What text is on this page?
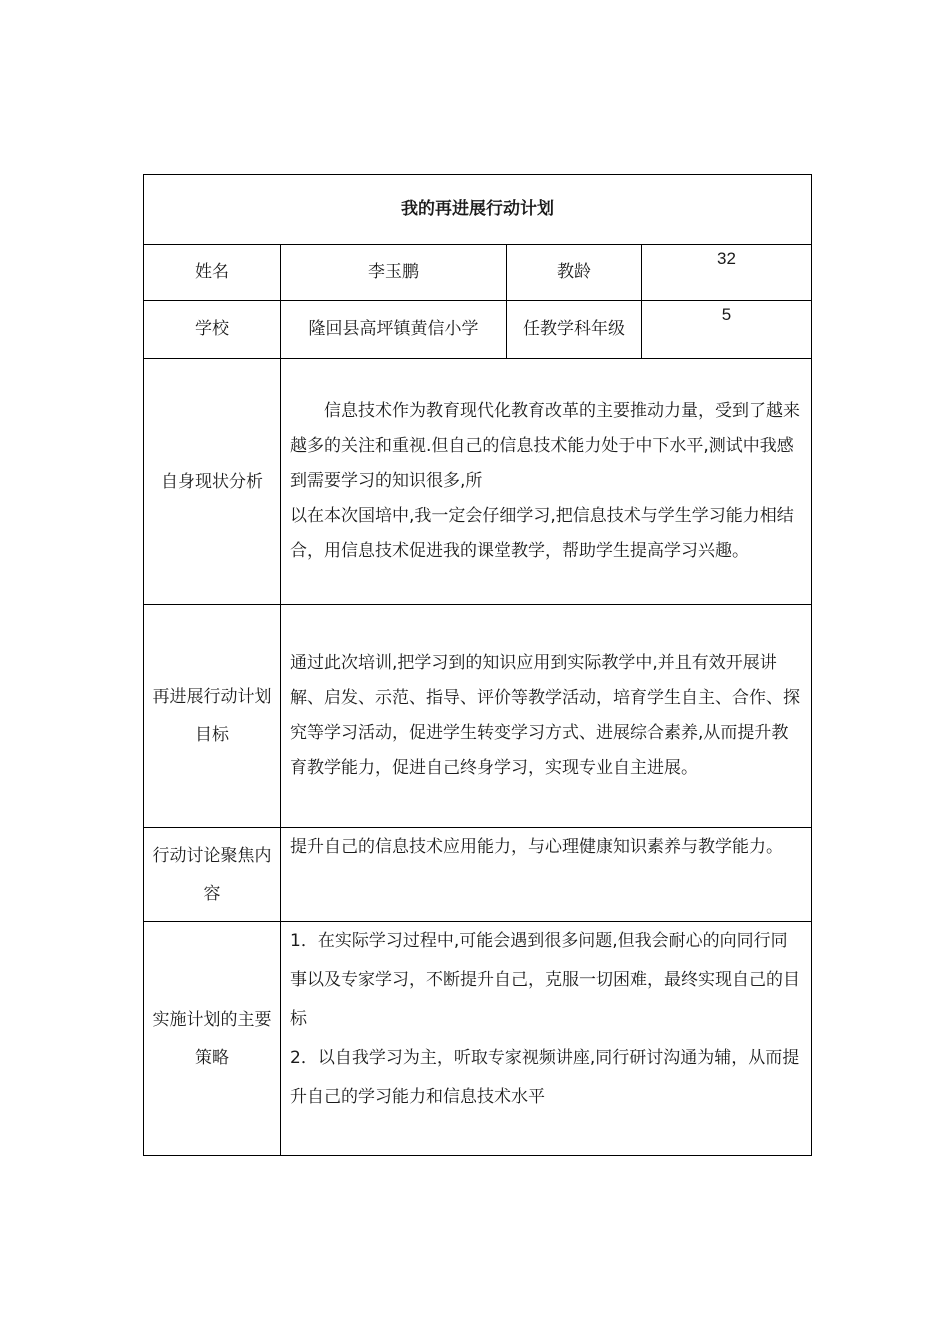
我的再进展行动计划			
姓名	李玉鹏	教龄	32
学校	隆回县高坪镇黄信小学	任教学科年级	5

自身现状分析	信息技术作为教育现代化教育改革的主要推动力量，受到了越来越多的关注和重视.但自己的信息技术能力处于中下水平,测试中我感到需要学习的知识很多,所

以在本次国培中,我一定会仔细学习,把信息技术与学生学习能力相结合，用信息技术促进我的课堂教学，帮助学生提高学习兴趣。		

再进展行动计划目标	通过此次培训,把学习到的知识应用到实际教学中,并且有效开展讲解、启发、示范、指导、评价等教学活动，培育学生自主、合作、探究等学习活动，促进学生转变学习方式、进展综合素养,从而提升教育教学能力，促进自己终身学习，实现专业自主进展。		

行动讨论聚焦内容	提升自己的信息技术应用能力，与心理健康知识素养与教学能力。		

实施计划的主要策略	1．在实际学习过程中,可能会遇到很多问题,但我会耐心的向同行同事以及专家学习，不断提升自己，克服一切困难，最终实现自己的目标

2．以自我学习为主，听取专家视频讲座,同行研讨沟通为辅，从而提升自己的学习能力和信息技术水平		
